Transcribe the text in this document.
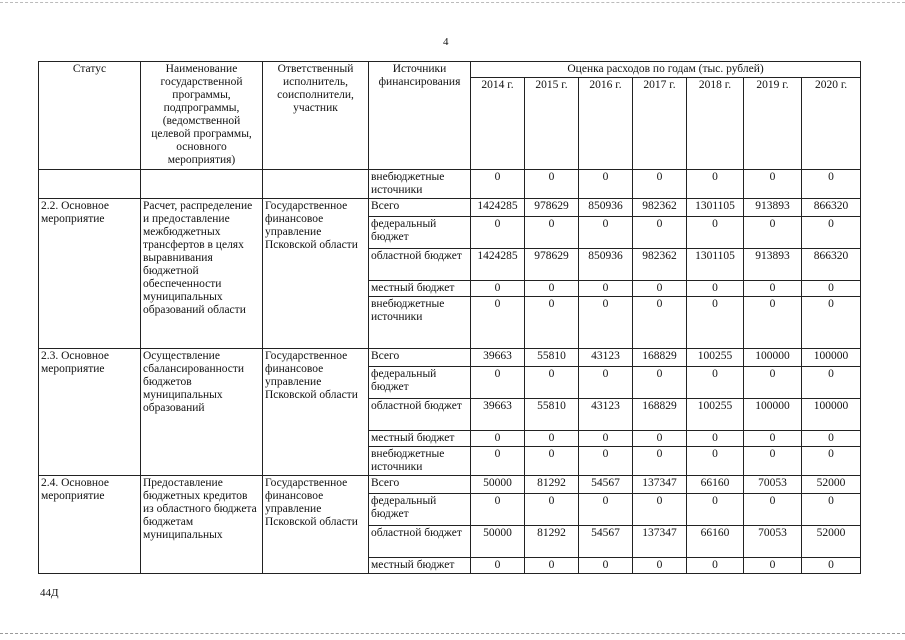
4
Статус	Наименование государственной программы, подпрограммы, (ведомственной целевой программы, основного мероприятия)	Ответственный исполнитель, соисполнители, участник	Источники финансирования	Оценка расходов по годам (тыс. рублей)						
				2014 г.	2015 г.	2016 г.	2017 г.	2018 г.	2019 г.	2020 г.
			внебюджетные источники	0	0	0	0	0	0	0
2.2. Основное мероприятие	Расчет, распределение и предоставление межбюджетных трансфертов в целях выравнивания бюджетной обеспеченности муниципальных образований области	Государственное финансовое управление Псковской области	Всего	1424285	978629	850936	982362	1301105	913893	866320
			федеральный бюджет	0	0	0	0	0	0	0
			областной бюджет	1424285	978629	850936	982362	1301105	913893	866320
			местный бюджет	0	0	0	0	0	0	0
			внебюджетные источники	0	0	0	0	0	0	0
2.3. Основное мероприятие	Осуществление сбалансированности бюджетов муниципальных образований	Государственное финансовое управление Псковской области	Всего	39663	55810	43123	168829	100255	100000	100000
			федеральный бюджет	0	0	0	0	0	0	0
			областной бюджет	39663	55810	43123	168829	100255	100000	100000
			местный бюджет	0	0	0	0	0	0	0
			внебюджетные источники	0	0	0	0	0	0	0
2.4. Основное мероприятие	Предоставление бюджетных кредитов из областного бюджета бюджетам муниципальных	Государственное финансовое управление Псковской области	Всего	50000	81292	54567	137347	66160	70053	52000
			федеральный бюджет	0	0	0	0	0	0	0
			областной бюджет	50000	81292	54567	137347	66160	70053	52000
			местный бюджет	0	0	0	0	0	0	0
44Д
